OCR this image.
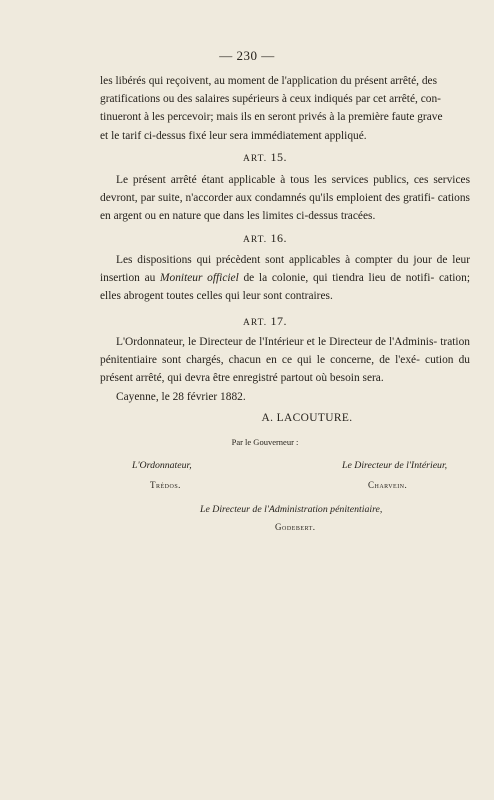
— 230 —

les libérés qui reçoivent, au moment de l'application du présent arrêté, des
gratifications ou des salaires supérieurs à ceux indiqués par cet arrêté, con-
tinueront à les percevoir; mais ils en seront privés à la première faute grave
et le tarif ci-dessus fixé leur sera immédiatement appliqué.

ART. 15.

Le présent arrêté étant applicable à tous les services publics, ces services devront, par suite, n'accorder aux condamnés qu'ils emploient des gratifi- cations en argent ou en nature que dans les limites ci-dessus tracées.

ART. 16.

Les dispositions qui précèdent sont applicables à compter du jour de leur insertion au Moniteur officiel de la colonie, qui tiendra lieu de notifi- cation; elles abrogent toutes celles qui leur sont contraires.

ART. 17.

L'Ordonnateur, le Directeur de l'Intérieur et le Directeur de l'Adminis- tration pénitentiaire sont chargés, chacun en ce qui le concerne, de l'exé- cution du présent arrêté, qui devra être enregistré partout où besoin sera.
Cayenne, le 28 février 1882.

A. LACOUTURE.
Par le Gouverneur :
L'Ordonnateur,
Trédos.
Le Directeur de l'Intérieur,
Charvein.
Le Directeur de l'Administration pénitentiaire,
Godebert.
